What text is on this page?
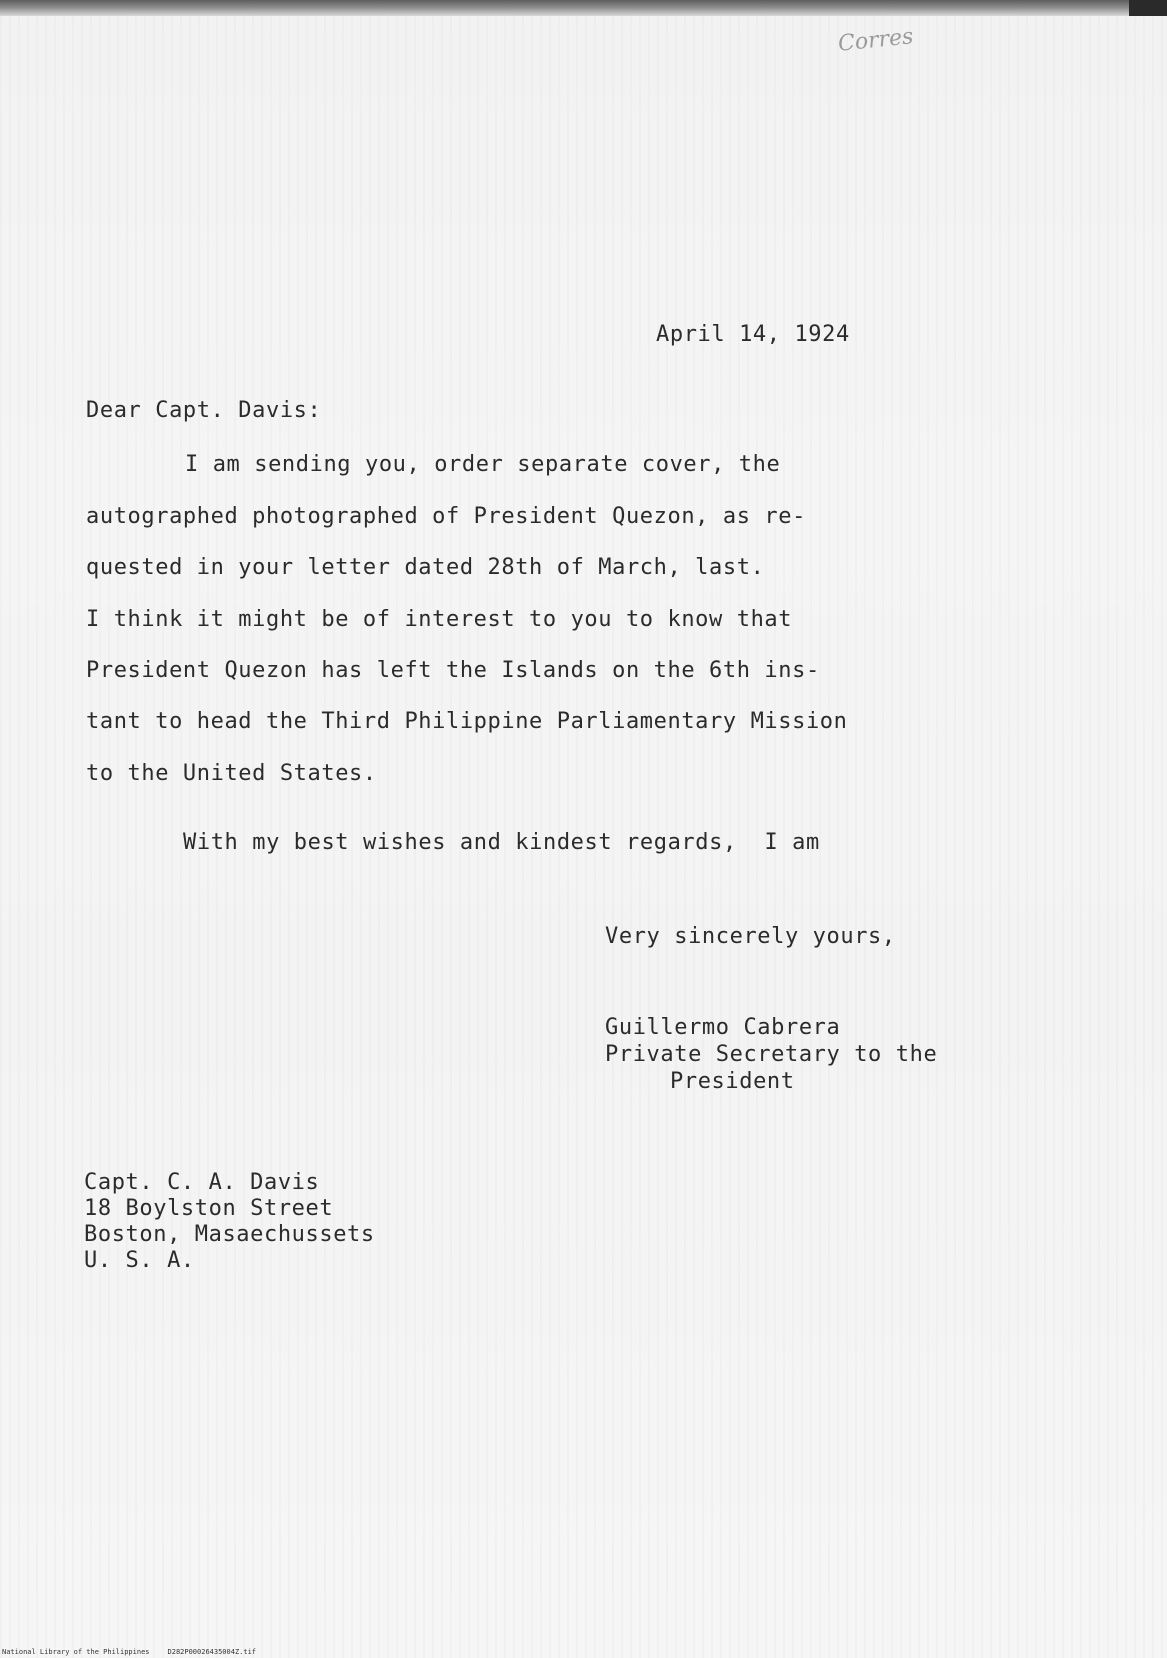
Corres

April 14, 1924

Dear Capt. Davis:

I am sending you, order separate cover, the

autographed photographed of President Quezon, as re-

quested in your letter dated 28th of March, last.

I think it might be of interest to you to know that

President Quezon has left the Islands on the 6th ins-

tant to head the Third Philippine Parliamentary Mission

to the United States.

With my best wishes and kindest regards,  I am

Very sincerely yours,

Guillermo Cabrera

Private Secretary to the

President

Capt. C. A. Davis

18 Boylston Street

Boston, Masaechussets

U. S. A.

National Library of the Philippines	D282P00026435004Z.tif
